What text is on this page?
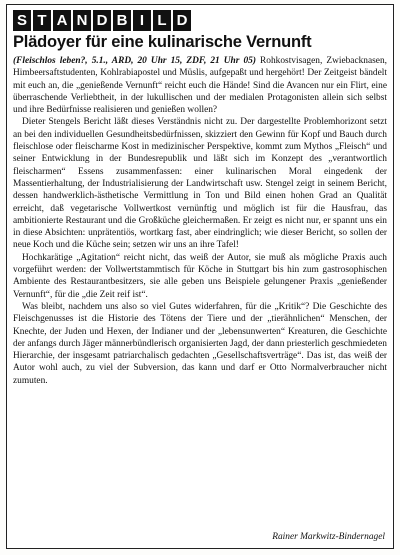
S T A N D B I L D
Plädoyer für eine kulinarische Vernunft

(Fleischlos leben?, 5.1., ARD, 20 Uhr 15, ZDF, 21 Uhr 05) Rohkostvisagen, Zwiebacknasen, Himbeersaftstudenten, Kohlrabiapostel und Müslis, aufgepaßt und hergehört! Der Zeitgeist bändelt mit euch an, die „genießende Vernunft“ reicht euch die Hände! Sind die Avancen nur ein Flirt, eine überraschende Verliebtheit, in der lukullischen und der medialen Protagonisten allein sich selbst und ihre Bedürfnisse realisieren und genießen wollen?

Dieter Stengels Bericht läßt dieses Verständnis nicht zu. Der dargestellte Problemhorizont setzt an bei den individuellen Gesundheitsbedürfnissen, skizziert den Gewinn für Kopf und Bauch durch fleischlose oder fleischarme Kost in medizinischer Perspektive, kommt zum Mythos „Fleisch“ und seiner Entwicklung in der Bundesrepublik und läßt sich im Konzept des „verantwortlich fleischarmen“ Essens zusammenfassen: einer kulinarischen Moral eingedenk der Massentierhaltung, der Industrialisierung der Landwirtschaft usw. Stengel zeigt in seinem Bericht, dessen handwerklich-ästhetische Vermittlung in Ton und Bild einen hohen Grad an Qualität erreicht, daß vegetarische Vollwertkost vernünftig und möglich ist für die Hausfrau, das ambitionierte Restaurant und die Großküche gleichermaßen. Er zeigt es nicht nur, er spannt uns ein in diese Absichten: unprätentiös, wortkarg fast, aber eindringlich; wie dieser Bericht, so sollen der neue Koch und die Küche sein; setzen wir uns an ihre Tafel!

Hochkarätige „Agitation“ reicht nicht, das weiß der Autor, sie muß als mögliche Praxis auch vorgeführt werden: der Vollwertstammtisch für Köche in Stuttgart bis hin zum gastrosophischen Ambiente des Restaurantbesitzers, sie alle geben uns Beispiele gelungener Praxis „genießender Vernunft“, für die „die Zeit reif ist“.

Was bleibt, nachdem uns also so viel Gutes widerfahren, für die „Kritik“? Die Geschichte des Fleischgenusses ist die Historie des Tötens der Tiere und der „tierähnlichen“ Menschen, der Knechte, der Juden und Hexen, der Indianer und der „lebensunwerten“ Kreaturen, die Geschichte der anfangs durch Jäger männerbündlerisch organisierten Jagd, der dann priesterlich geschmiedeten Hierarchie, der insgesamt patriarchalisch gedachten „Gesellschaftsverträge“. Das ist, das weiß der Autor wohl auch, zu viel der Subversion, das kann und darf er Otto Normalverbraucher nicht zumuten.

Rainer Markwitz-Bindernagel
